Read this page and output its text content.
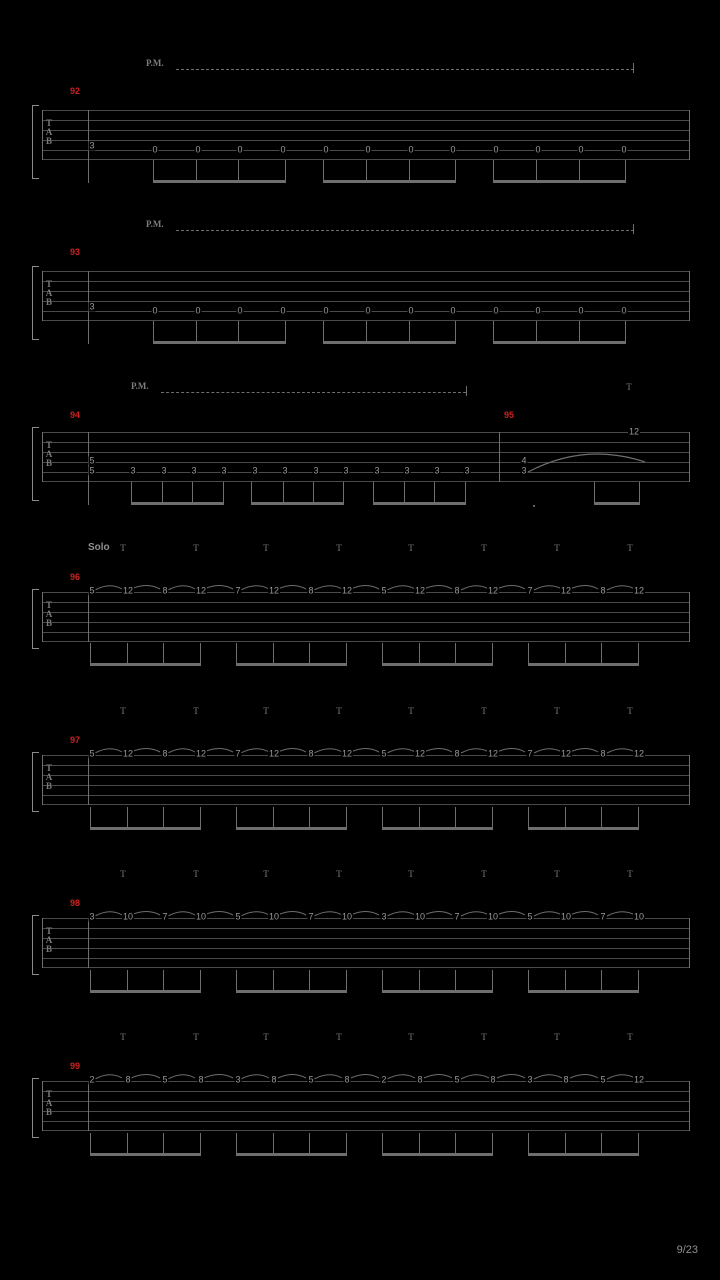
P.M.
92
T
A
B	3	0	0	0	0	0	0	0	0	0	0	0	0
P.M.
93
T
A
B	3	0	0	0	0	0	0	0	0	0	0	0	0
P.M.	T
94	95
T
A
B	5
5	3	3	3	3	3	3	3	3	3	3	3	3
4
3
12
Solo T	T	T	T	T	T	T	T
96
T
A
B
5	12	8	12	7	12	8	12	5	12	8	12	7	12	8	12
T	T	T	T	T	T	T	T
97
T
A
B
5	12	8	12	7	12	8	12	5	12	8	12	7	12	8	12
T	T	T	T	T	T	T	T
98
T
A
B
3	10	7	10	5	10	7	10	3	10	7	10	5	10	7	10
T	T	T	T	T	T	T	T
99
T
A
B
2	8	5	8	3	8	5	8	2	8	5	8	3	8	5	12
9/23
